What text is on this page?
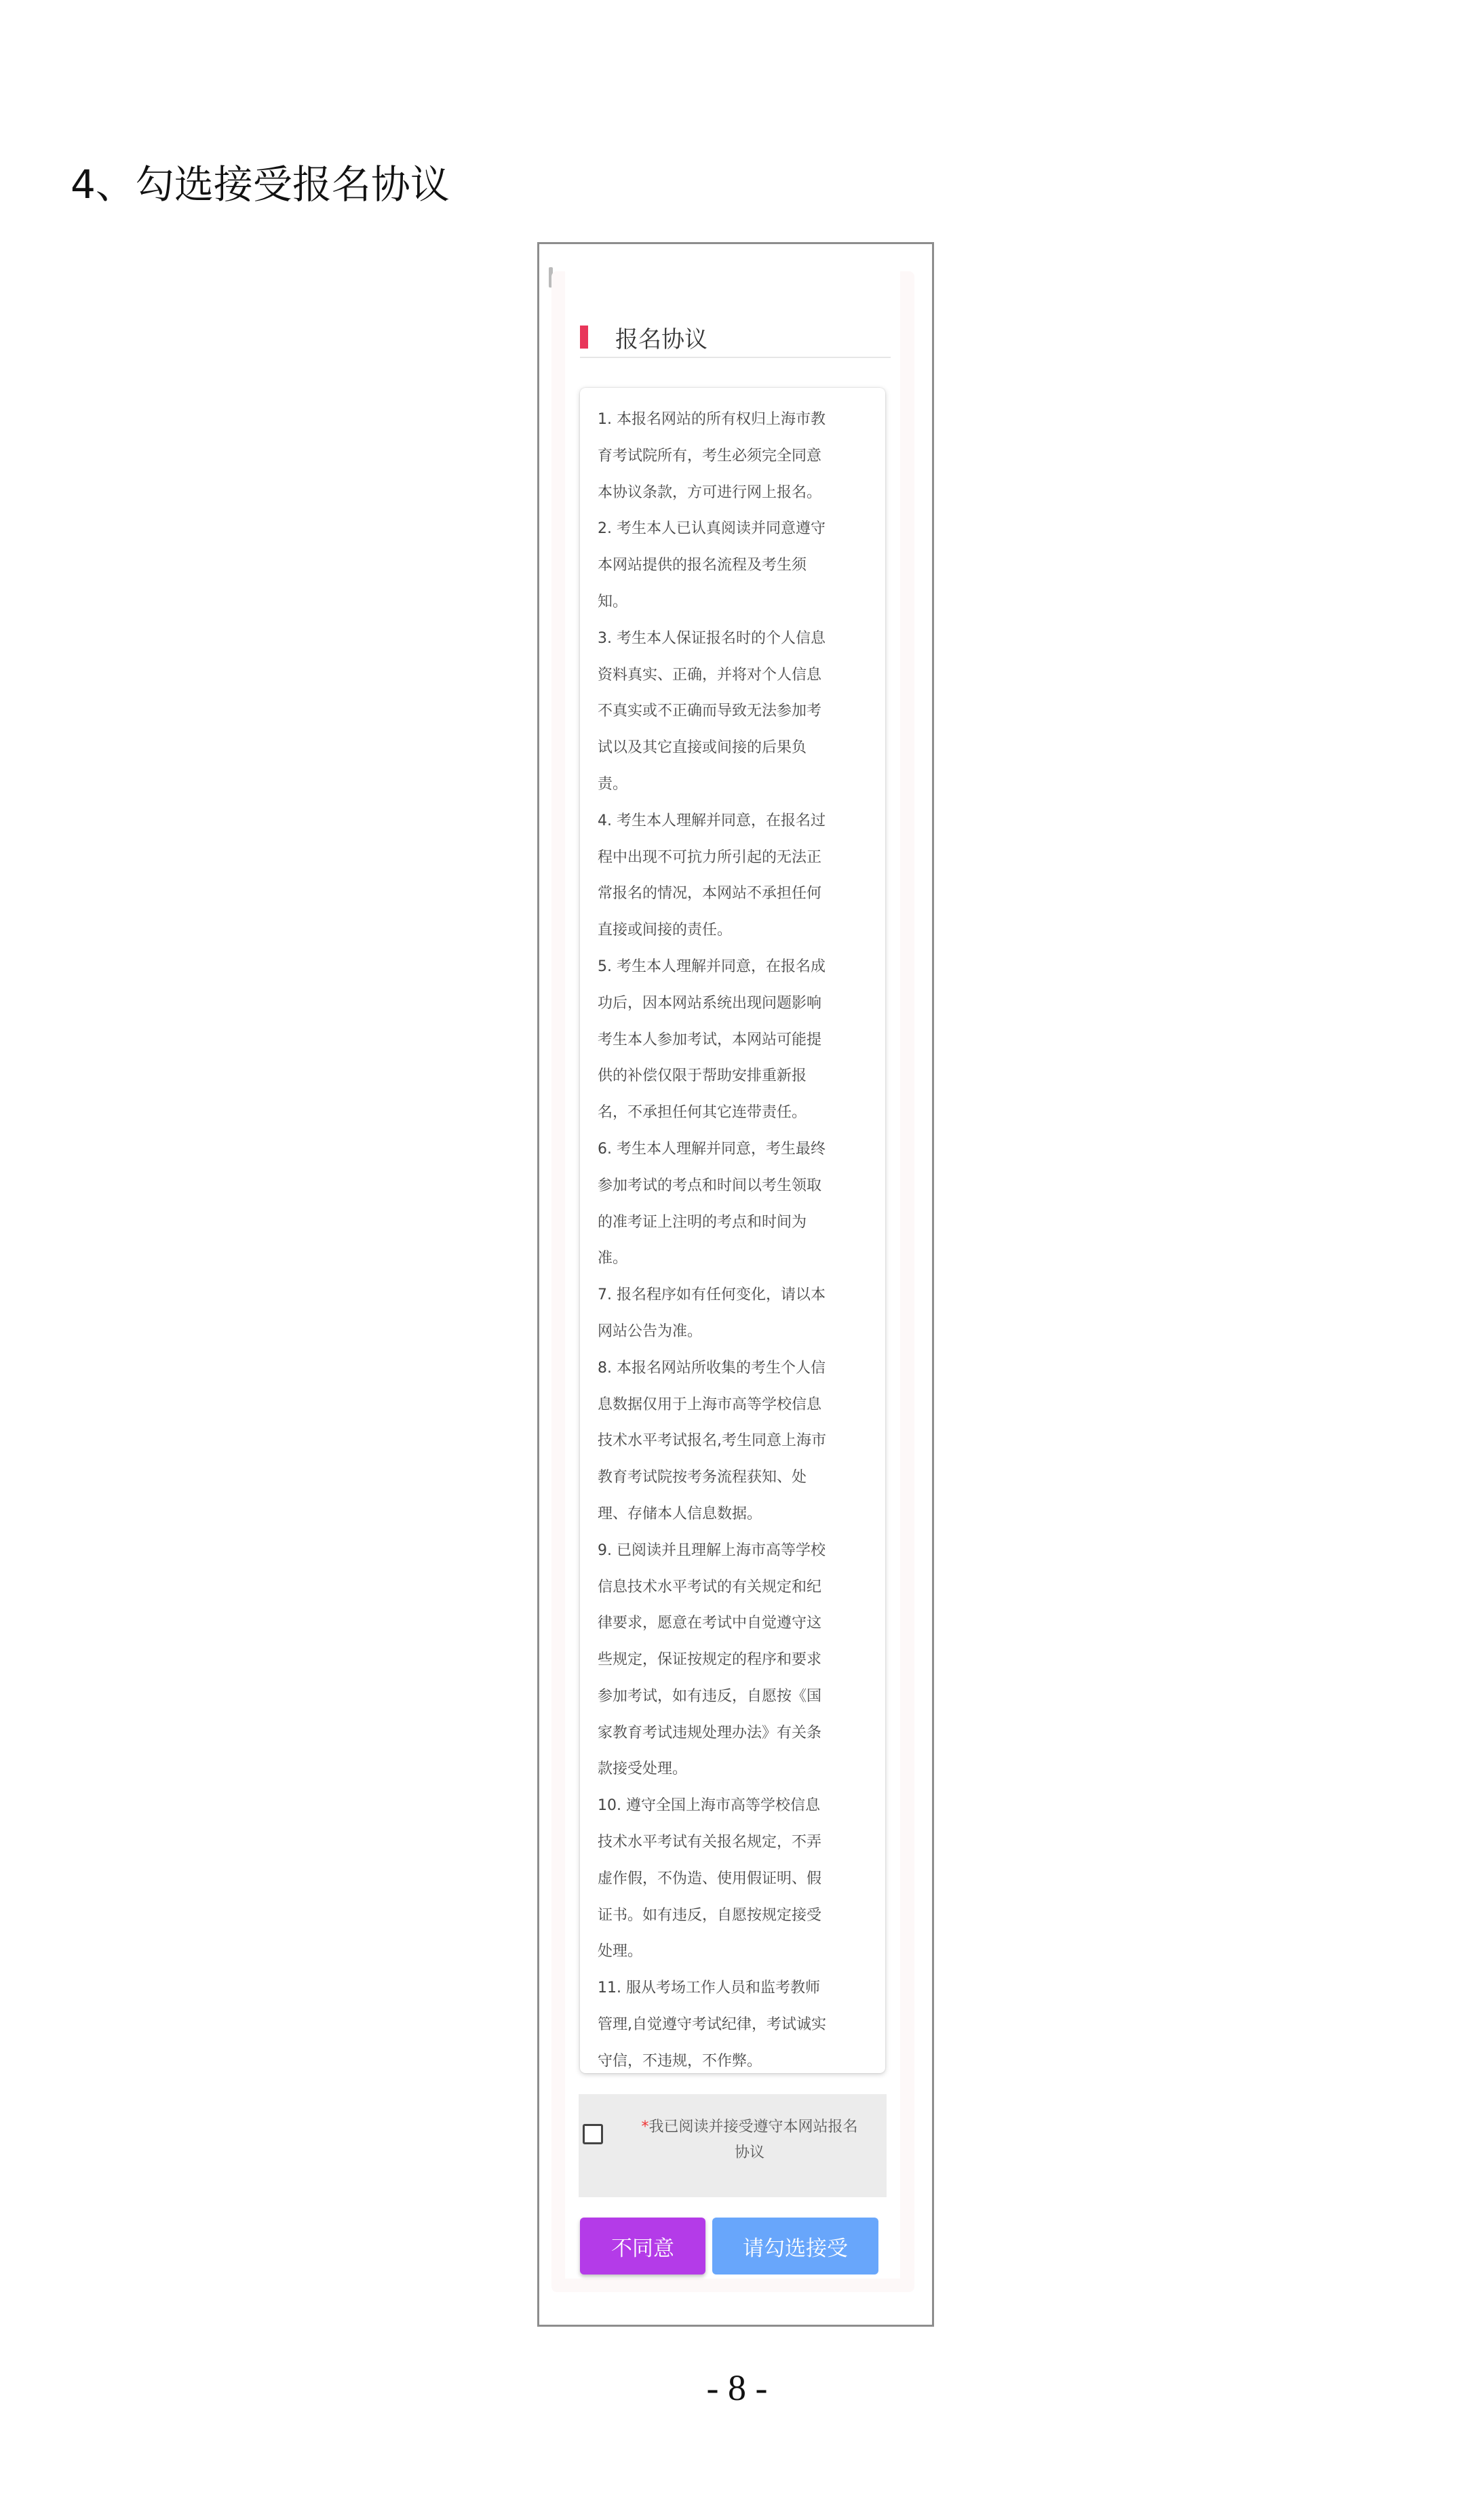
4、勾选接受报名协议
报名协议
1. 本报名网站的所有权归上海市教
育考试院所有，考生必须完全同意
本协议条款，方可进行网上报名。
2. 考生本人已认真阅读并同意遵守
本网站提供的报名流程及考生须
知。
3. 考生本人保证报名时的个人信息
资料真实、正确，并将对个人信息
不真实或不正确而导致无法参加考
试以及其它直接或间接的后果负
责。
4. 考生本人理解并同意，在报名过
程中出现不可抗力所引起的无法正
常报名的情况，本网站不承担任何
直接或间接的责任。
5. 考生本人理解并同意，在报名成
功后，因本网站系统出现问题影响
考生本人参加考试，本网站可能提
供的补偿仅限于帮助安排重新报
名，不承担任何其它连带责任。
6. 考生本人理解并同意，考生最终
参加考试的考点和时间以考生领取
的准考证上注明的考点和时间为
准。
7. 报名程序如有任何变化，请以本
网站公告为准。
8. 本报名网站所收集的考生个人信
息数据仅用于上海市高等学校信息
技术水平考试报名,考生同意上海市
教育考试院按考务流程获知、处
理、存储本人信息数据。
9. 已阅读并且理解上海市高等学校
信息技术水平考试的有关规定和纪
律要求，愿意在考试中自觉遵守这
些规定，保证按规定的程序和要求
参加考试，如有违反，自愿按《国
家教育考试违规处理办法》有关条
款接受处理。
10. 遵守全国上海市高等学校信息
技术水平考试有关报名规定，不弄
虚作假，不伪造、使用假证明、假
证书。如有违反，自愿按规定接受
处理。
11. 服从考场工作人员和监考教师
管理,自觉遵守考试纪律，考试诚实
守信，不违规，不作弊。
*我已阅读并接受遵守本网站报名
协议
不同意	请勾选接受
- 8 -
